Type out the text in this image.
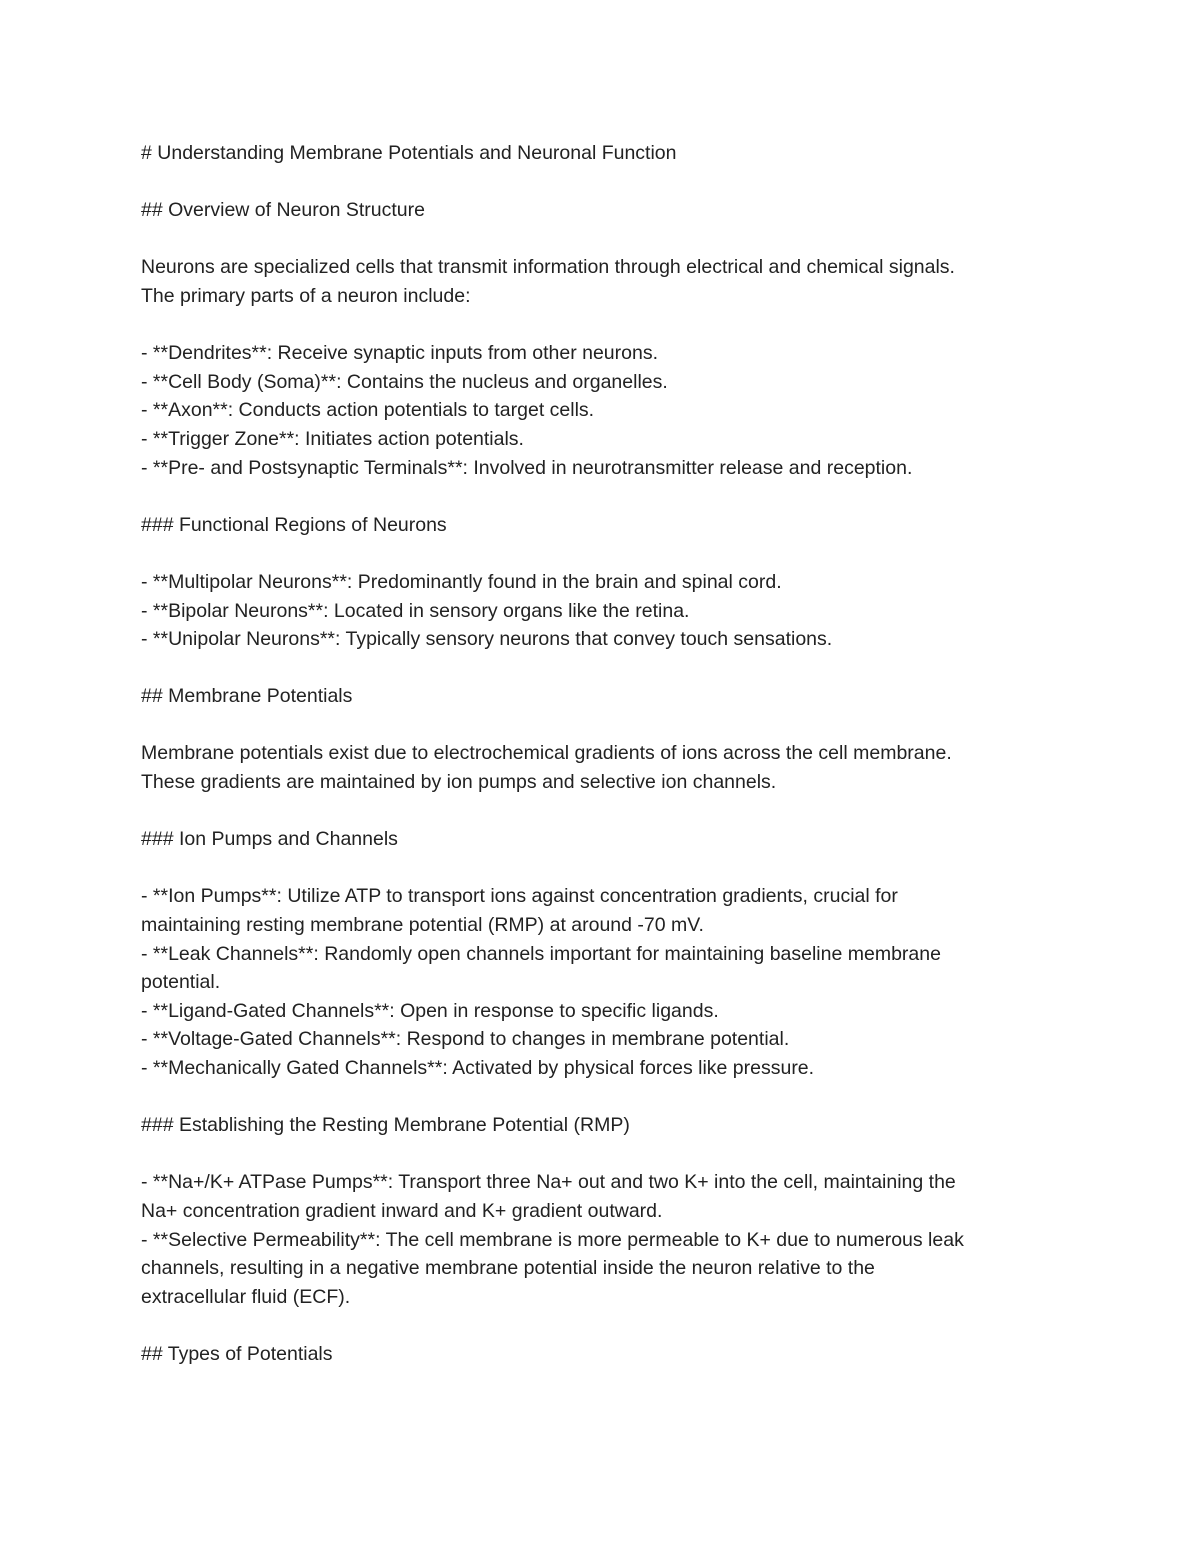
# Understanding Membrane Potentials and Neuronal Function
## Overview of Neuron Structure
Neurons are specialized cells that transmit information through electrical and chemical signals.
The primary parts of a neuron include:
- **Dendrites**: Receive synaptic inputs from other neurons.
- **Cell Body (Soma)**: Contains the nucleus and organelles.
- **Axon**: Conducts action potentials to target cells.
- **Trigger Zone**: Initiates action potentials.
- **Pre- and Postsynaptic Terminals**: Involved in neurotransmitter release and reception.
### Functional Regions of Neurons
- **Multipolar Neurons**: Predominantly found in the brain and spinal cord.
- **Bipolar Neurons**: Located in sensory organs like the retina.
- **Unipolar Neurons**: Typically sensory neurons that convey touch sensations.
## Membrane Potentials
Membrane potentials exist due to electrochemical gradients of ions across the cell membrane.
These gradients are maintained by ion pumps and selective ion channels.
### Ion Pumps and Channels
- **Ion Pumps**: Utilize ATP to transport ions against concentration gradients, crucial for
maintaining resting membrane potential (RMP) at around -70 mV.
- **Leak Channels**: Randomly open channels important for maintaining baseline membrane
potential.
- **Ligand-Gated Channels**: Open in response to specific ligands.
- **Voltage-Gated Channels**: Respond to changes in membrane potential.
- **Mechanically Gated Channels**: Activated by physical forces like pressure.
### Establishing the Resting Membrane Potential (RMP)
- **Na+/K+ ATPase Pumps**: Transport three Na+ out and two K+ into the cell, maintaining the
Na+ concentration gradient inward and K+ gradient outward.
- **Selective Permeability**: The cell membrane is more permeable to K+ due to numerous leak
channels, resulting in a negative membrane potential inside the neuron relative to the
extracellular fluid (ECF).
## Types of Potentials
